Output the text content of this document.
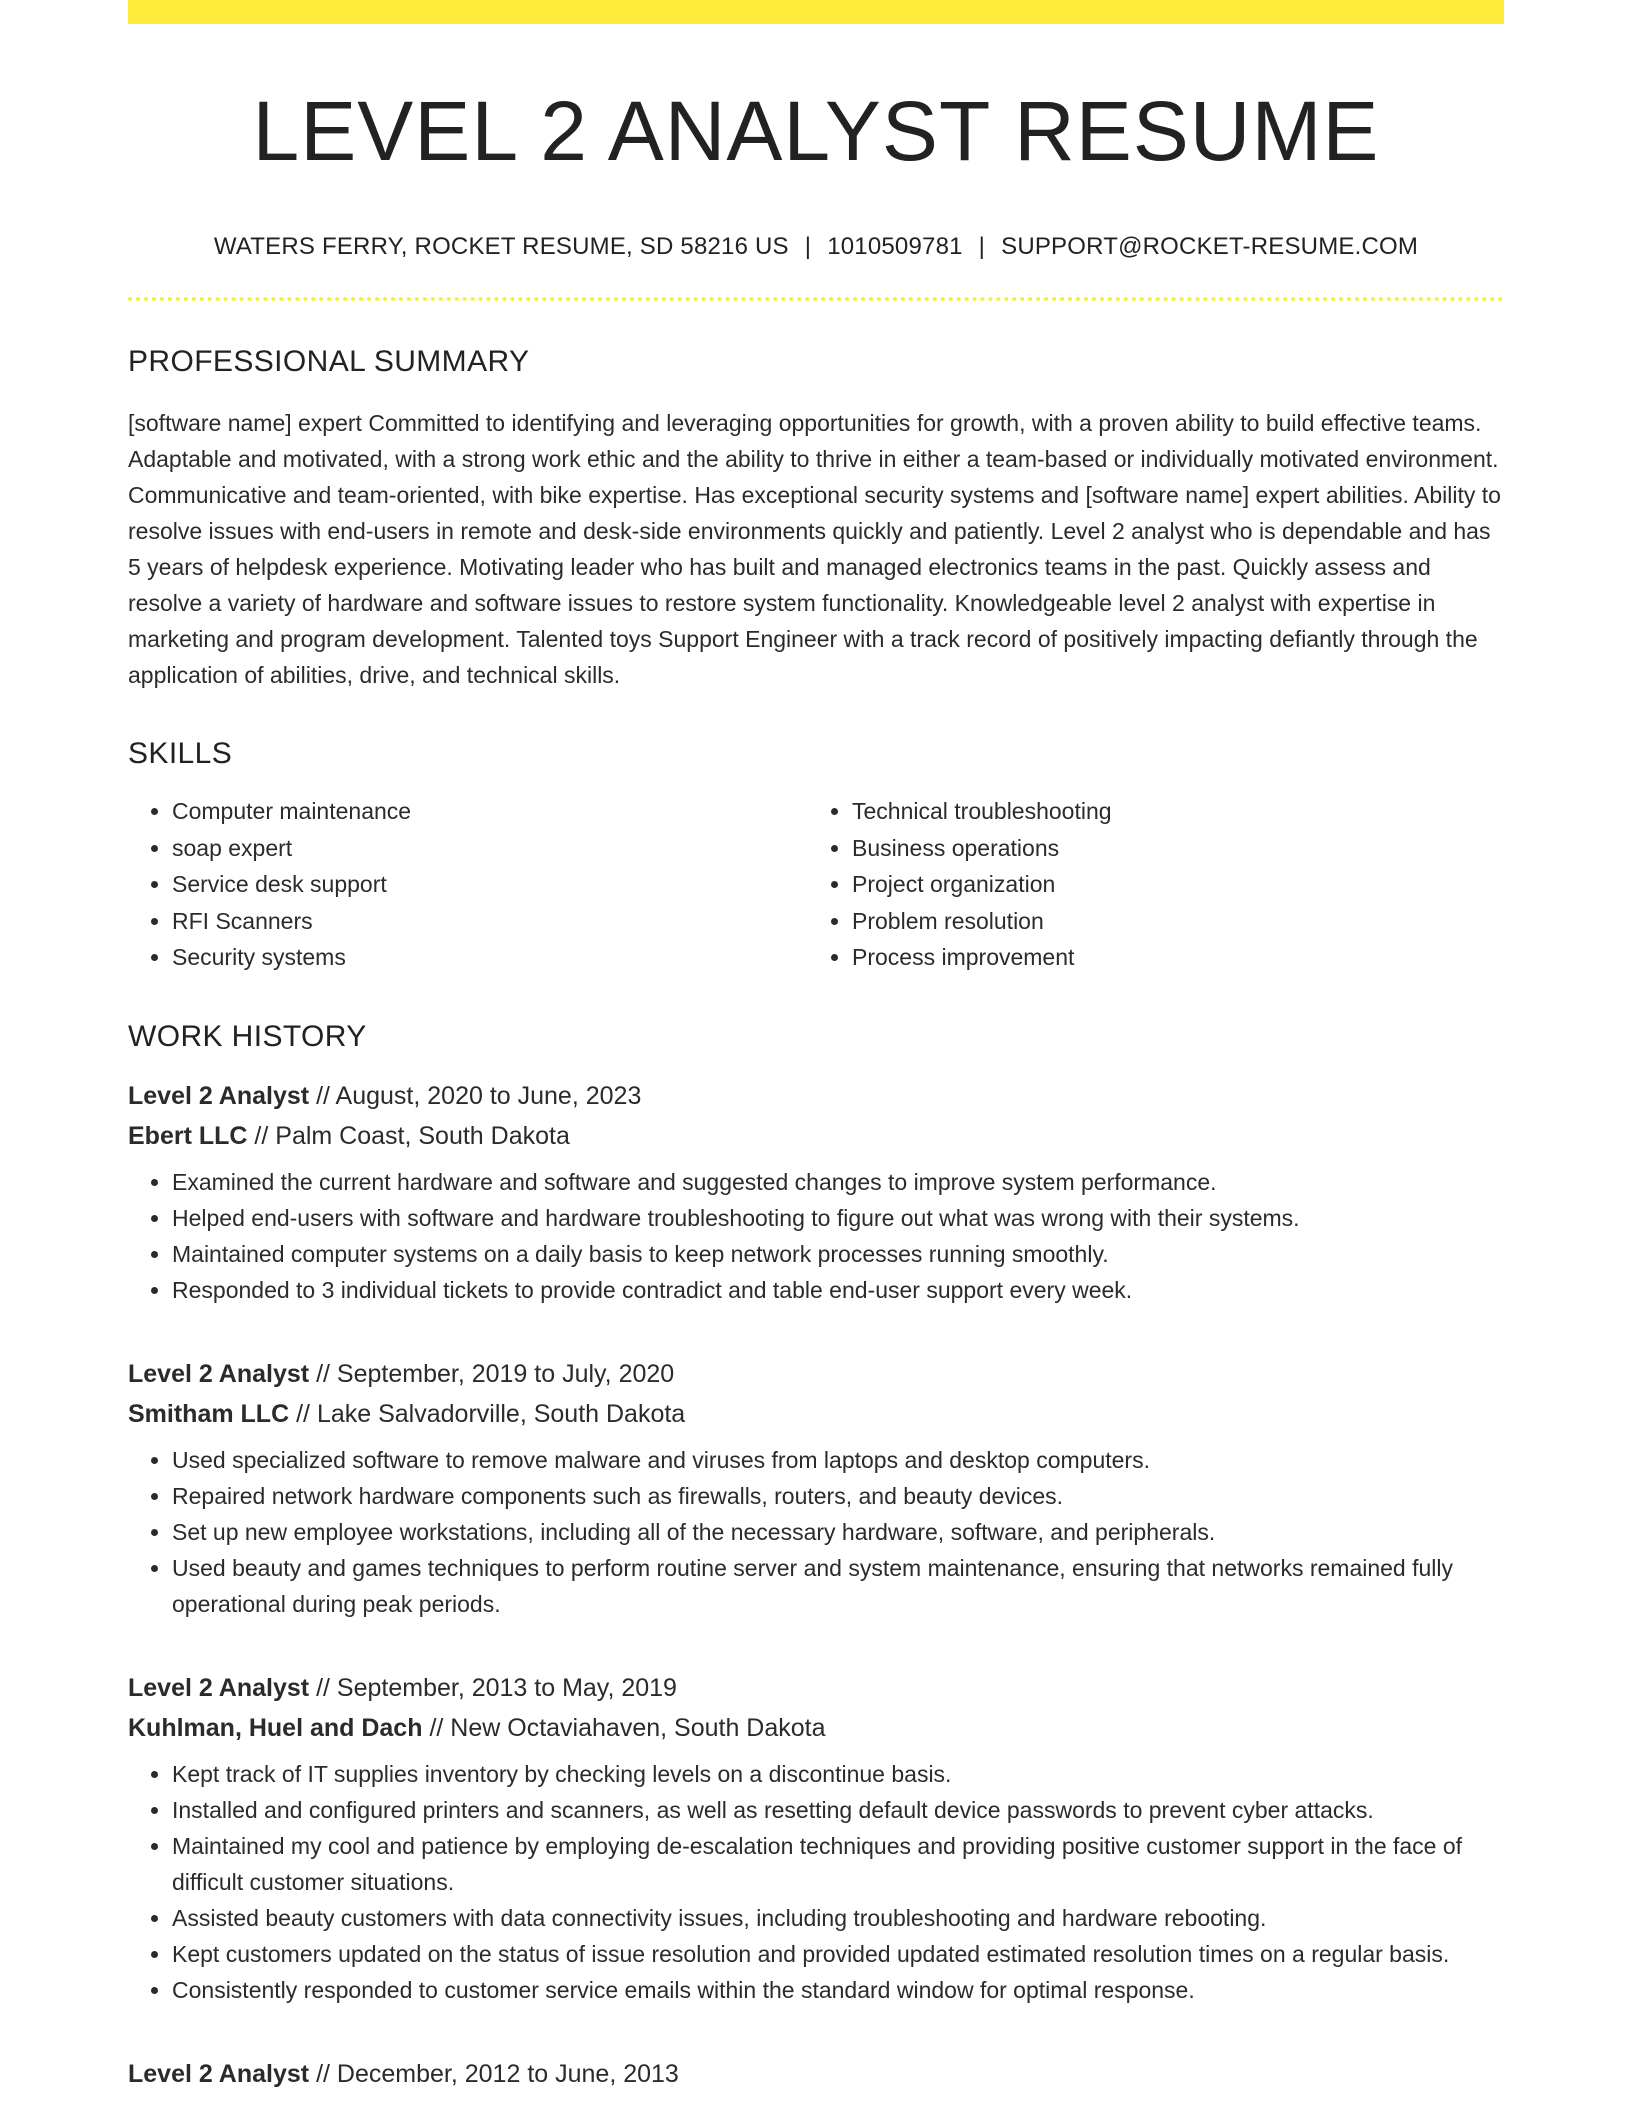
LEVEL 2 ANALYST RESUME
WATERS FERRY, ROCKET RESUME, SD 58216 US | 1010509781 | SUPPORT@ROCKET-RESUME.COM
PROFESSIONAL SUMMARY
[software name] expert Committed to identifying and leveraging opportunities for growth, with a proven ability to build effective teams. Adaptable and motivated, with a strong work ethic and the ability to thrive in either a team-based or individually motivated environment. Communicative and team-oriented, with bike expertise. Has exceptional security systems and [software name] expert abilities. Ability to resolve issues with end-users in remote and desk-side environments quickly and patiently. Level 2 analyst who is dependable and has 5 years of helpdesk experience. Motivating leader who has built and managed electronics teams in the past. Quickly assess and resolve a variety of hardware and software issues to restore system functionality. Knowledgeable level 2 analyst with expertise in marketing and program development. Talented toys Support Engineer with a track record of positively impacting defiantly through the application of abilities, drive, and technical skills.
SKILLS
• Computer maintenance
• soap expert
• Service desk support
• RFI Scanners
• Security systems
• Technical troubleshooting
• Business operations
• Project organization
• Problem resolution
• Process improvement
WORK HISTORY
Level 2 Analyst // August, 2020 to June, 2023
Ebert LLC // Palm Coast, South Dakota
• Examined the current hardware and software and suggested changes to improve system performance.
• Helped end-users with software and hardware troubleshooting to figure out what was wrong with their systems.
• Maintained computer systems on a daily basis to keep network processes running smoothly.
• Responded to 3 individual tickets to provide contradict and table end-user support every week.
Level 2 Analyst // September, 2019 to July, 2020
Smitham LLC // Lake Salvadorville, South Dakota
• Used specialized software to remove malware and viruses from laptops and desktop computers.
• Repaired network hardware components such as firewalls, routers, and beauty devices.
• Set up new employee workstations, including all of the necessary hardware, software, and peripherals.
• Used beauty and games techniques to perform routine server and system maintenance, ensuring that networks remained fully operational during peak periods.
Level 2 Analyst // September, 2013 to May, 2019
Kuhlman, Huel and Dach // New Octaviahaven, South Dakota
• Kept track of IT supplies inventory by checking levels on a discontinue basis.
• Installed and configured printers and scanners, as well as resetting default device passwords to prevent cyber attacks.
• Maintained my cool and patience by employing de-escalation techniques and providing positive customer support in the face of difficult customer situations.
• Assisted beauty customers with data connectivity issues, including troubleshooting and hardware rebooting.
• Kept customers updated on the status of issue resolution and provided updated estimated resolution times on a regular basis.
• Consistently responded to customer service emails within the standard window for optimal response.
Level 2 Analyst // December, 2012 to June, 2013
